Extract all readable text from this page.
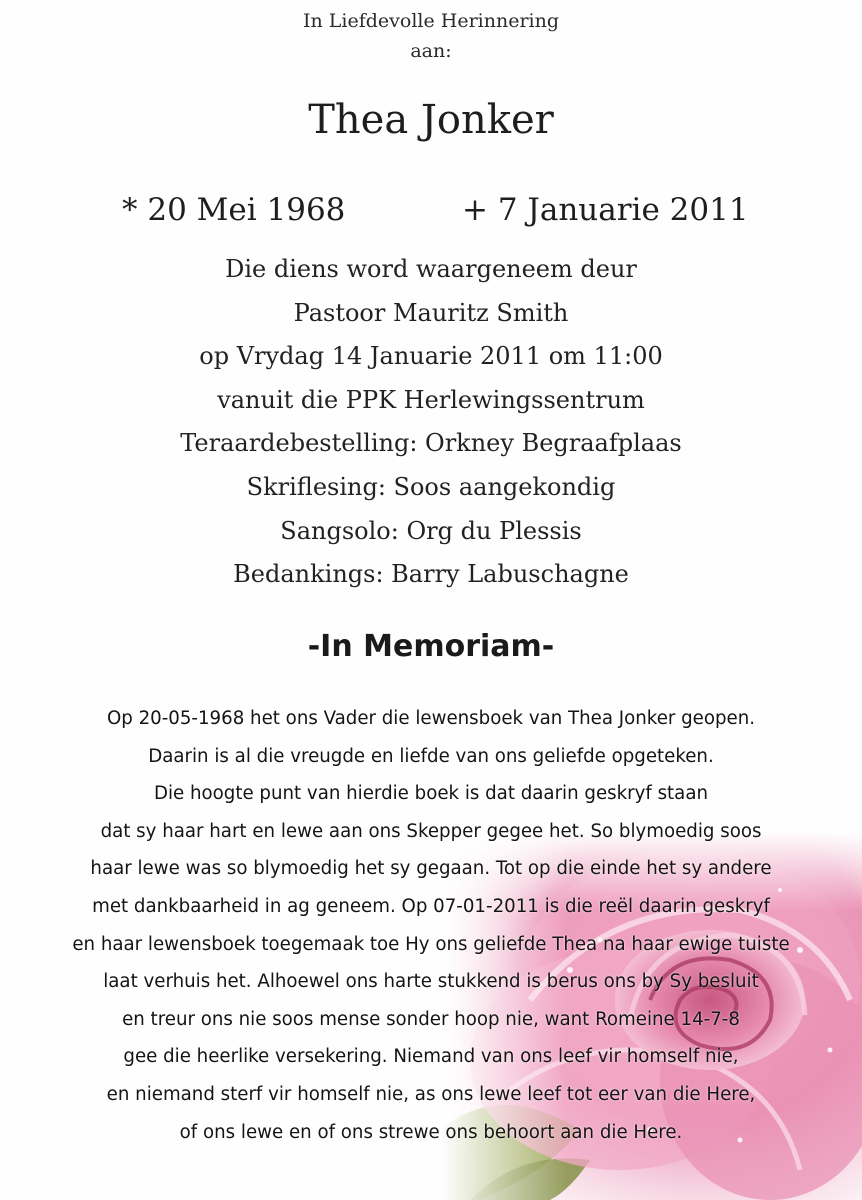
In Liefdevolle Herinnering
aan:
Thea Jonker
* 20 Mei 1968	+ 7 Januarie 2011
Die diens word waargeneem deur
Pastoor Mauritz Smith
op Vrydag 14 Januarie 2011 om 11:00
vanuit die PPK Herlewingssentrum
Teraardebestelling: Orkney Begraafplaas
Skriflesing: Soos aangekondig
Sangsolo: Org du Plessis
Bedankings: Barry Labuschagne
-In Memoriam-
Op 20-05-1968 het ons Vader die lewensboek van Thea Jonker geopen.
Daarin is al die vreugde en liefde van ons geliefde opgeteken.
Die hoogte punt van hierdie boek is dat daarin geskryf staan
dat sy haar hart en lewe aan ons Skepper gegee het. So blymoedig soos
haar lewe was so blymoedig het sy gegaan. Tot op die einde het sy andere
met dankbaarheid in ag geneem. Op 07-01-2011 is die reël daarin geskryf
en haar lewensboek toegemaak toe Hy ons geliefde Thea na haar ewige tuiste
laat verhuis het. Alhoewel ons harte stukkend is berus ons by Sy besluit
en treur ons nie soos mense sonder hoop nie, want Romeine 14-7-8
gee die heerlike versekering. Niemand van ons leef vir homself nie,
en niemand sterf vir homself nie, as ons lewe leef tot eer van die Here,
of ons lewe en of ons strewe ons behoort aan die Here.
